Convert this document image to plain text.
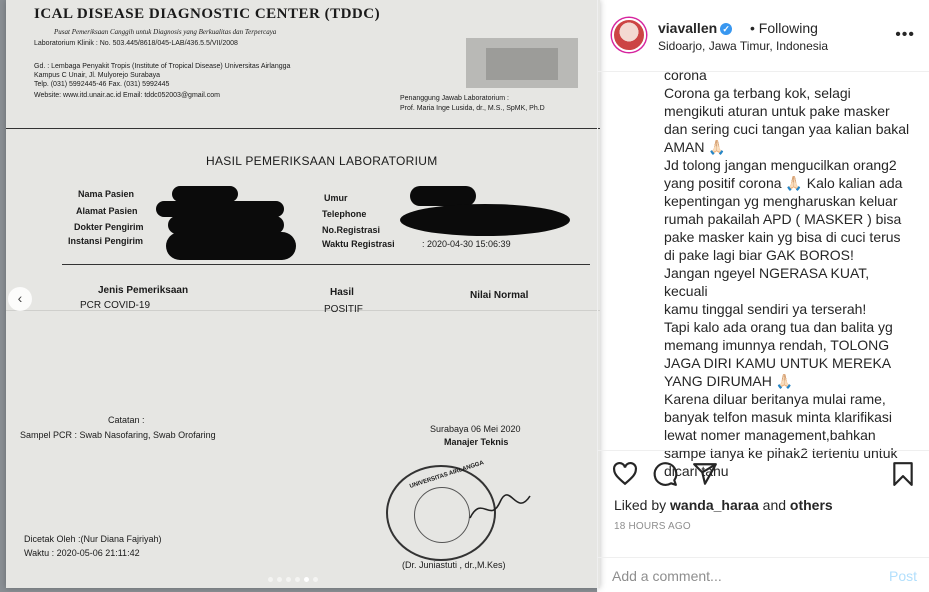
ICAL DISEASE DIAGNOSTIC CENTER (TDDC)
Pusat Pemeriksaan Canggih untuk Diagnosis yang Berkualitas dan Terpercaya
Laboratorium Klinik : No. 503.445/8618/045-LAB/436.5.5/VII/2008
Gd. : Lembaga Penyakit Tropis (Institute of Tropical Disease) Universitas Airlangga
Kampus C Unair, Jl. Mulyorejo Surabaya
Telp. (031) 5992445-46 Fax. (031) 5992445
Website: www.itd.unair.ac.id Email: tddc052003@gmail.com	Penanggung Jawab Laboratorium :
Prof. Maria Inge Lusida, dr., M.S., SpMK, Ph.D
HASIL PEMERIKSAAN LABORATORIUM
Nama Pasien
Alamat Pasien
Dokter Pengirim
Instansi Pengirim
Umur
Telephone
No.Registrasi
Waktu Registrasi	: 2020-04-30 15:06:39
Jenis Pemeriksaan	Hasil	Nilai Normal
PCR COVID-19	POSITIF
Catatan :
Sampel PCR : Swab Nasofaring, Swab Orofaring
Surabaya 06 Mei 2020
Manajer Teknis
UNIVERSITAS AIRLANGGA
Dicetak Oleh :(Nur Diana Fajriyah)
Waktu : 2020-05-06 21:11:42
(Dr. Juniastuti , dr.,M.Kes)
‹
viavallen ✓ • Following
Sidoarjo, Jawa Timur, Indonesia
•••

corona

Corona ga terbang kok, selagi

mengikuti aturan untuk pake masker

dan sering cuci tangan yaa kalian bakal

AMAN 🙏🏻

Jd tolong jangan mengucilkan orang2

yang positif corona 🙏🏻 Kalo kalian ada

kepentingan yg mengharuskan keluar

rumah pakailah APD ( MASKER ) bisa

pake masker kain yg bisa di cuci terus

di pake lagi biar GAK BOROS!

Jangan ngeyel NGERASA KUAT, kecuali

kamu tinggal sendiri ya terserah!

Tapi kalo ada orang tua dan balita yg

memang imunnya rendah, TOLONG

JAGA DIRI KAMU UNTUK MEREKA

YANG DIRUMAH 🙏🏻

Karena diluar beritanya mulai rame,

banyak telfon masuk minta klarifikasi

lewat nomer management,bahkan

sampe tanya ke pihak2 tertentu untuk

dicari tahu

Liked by wanda_haraa and others
18 HOURS AGO
Add a comment...
Post
